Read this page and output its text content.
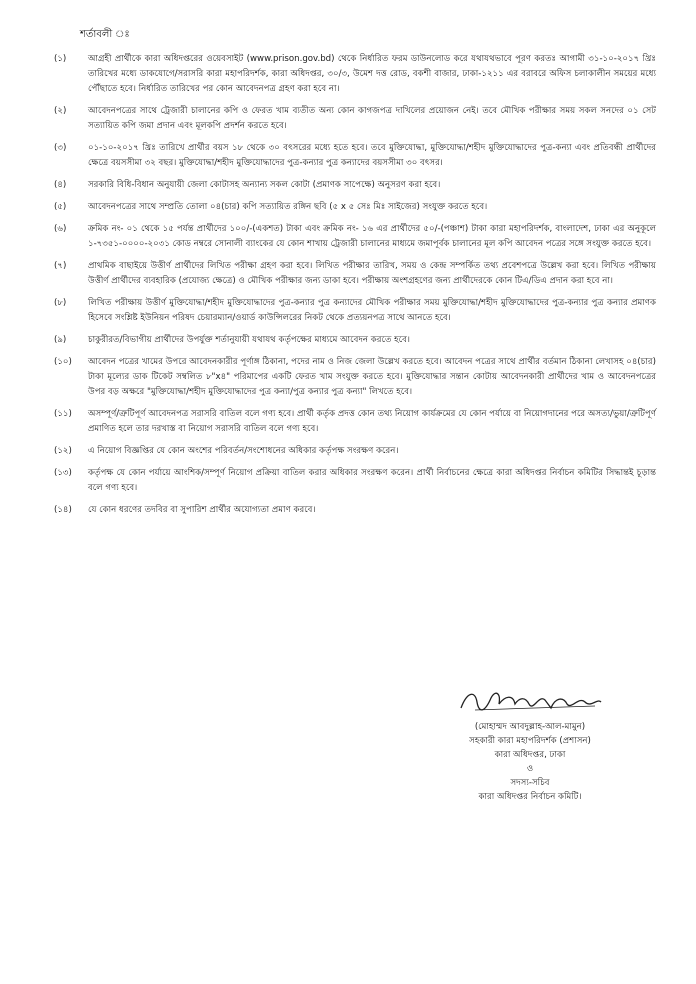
শর্তাবলী ঃ
(১)	আগ্রহী প্রার্থীকে কারা অধিদপ্তরের ওয়েবসাইট (www.prison.gov.bd) থেকে নির্ধারিত ফরম ডাউনলোড করে যথাযথভাবে পূরণ করতঃ আগামী ৩১-১০-২০১৭ খ্রিঃ তারিখের মধ্যে ডাকযোগে/সরাসরি কারা মহাপরিদর্শক, কারা অধিদপ্তর, ৩০/৩, উমেশ দত্ত রোড, বকশী বাজার, ঢাকা-১২১১ এর বরাবরে অফিস চলাকালীন সময়ের মধ্যে পৌঁছাতে হবে। নির্ধারিত তারিখের পর কোন আবেদনপত্র গ্রহণ করা হবে না।
(২)	আবেদনপত্রের সাথে ট্রেজারী চালানের কপি ও ফেরত খাম ব্যতীত অন্য কোন কাগজপত্র দাখিলের প্রয়োজন নেই। তবে মৌখিক পরীক্ষার সময় সকল সনদের ০১ সেট সত্যায়িত কপি জমা প্রদান এবং মূলকপি প্রদর্শন করতে হবে।
(৩)	০১-১০-২০১৭ খ্রিঃ তারিখে প্রার্থীর বয়স ১৮ থেকে ৩০ বৎসরের মধ্যে হতে হবে। তবে মুক্তিযোদ্ধা, মুক্তিযোদ্ধা/শহীদ মুক্তিযোদ্ধাদের পুত্র-কন্যা এবং প্রতিবন্ধী প্রার্থীদের ক্ষেত্রে বয়সসীমা ৩২ বছর। মুক্তিযোদ্ধা/শহীদ মুক্তিযোদ্ধাদের পুত্র-কন্যার পুত্র কন্যাদের বয়সসীমা ৩০ বৎসর।
(৪)	সরকারি বিধি-বিধান অনুযায়ী জেলা কোটাসহ অন্যান্য সকল কোটা (প্রমাণক সাপেক্ষে) অনুসরণ করা হবে।
(৫)	আবেদনপত্রের সাথে সম্প্রতি তোলা ০৪(চার) কপি সত্যায়িত রঙ্গিন ছবি (৫ x ৫ সেঃ মিঃ সাইজের) সংযুক্ত করতে হবে।
(৬)	ক্রমিক নং- ০১ থেকে ১৫ পর্যন্ত প্রার্থীদের ১০০/-(একশত) টাকা এবং ক্রমিক নং- ১৬ এর প্রার্থীদের ৫০/-(পঞ্চাশ) টাকা কারা মহাপরিদর্শক, বাংলাদেশ, ঢাকা এর অনুকূলে ১-৭৩৫১-০০০০-২০৩১ কোড নম্বরে সোনালী ব্যাংকের যে কোন শাখায় ট্রেজারী চালানের মাধ্যমে জমাপূর্বক চালানের মূল কপি আবেদন পত্রের সঙ্গে সংযুক্ত করতে হবে।
(৭)	প্রাথমিক বাছাইয়ে উত্তীর্ণ প্রার্থীদের লিখিত পরীক্ষা গ্রহণ করা হবে। লিখিত পরীক্ষার তারিখ, সময় ও কেন্দ্র সম্পর্কিত তথ্য প্রবেশপত্রে উল্লেখ করা হবে। লিখিত পরীক্ষায় উত্তীর্ণ প্রার্থীদের ব্যবহারিক (প্রযোজ্য ক্ষেত্রে) ও মৌখিক পরীক্ষার জন্য ডাকা হবে। পরীক্ষায় অংশগ্রহণের জন্য প্রার্থীদেরকে কোন টিএ/ডিএ প্রদান করা হবে না।
(৮)	লিখিত পরীক্ষায় উত্তীর্ণ মুক্তিযোদ্ধা/শহীদ মুক্তিযোদ্ধাদের পুত্র-কন্যার পুত্র কন্যাদের মৌখিক পরীক্ষার সময় মুক্তিযোদ্ধা/শহীদ মুক্তিযোদ্ধাদের পুত্র-কন্যার পুত্র কন্যার প্রমাণক হিসেবে সংশ্লিষ্ট ইউনিয়ন পরিষদ চেয়ারম্যান/ওয়ার্ড কাউন্সিলরের নিকট থেকে প্রত্যয়নপত্র সাথে আনতে হবে।
(৯)	চাকুরীরত/বিভাগীয় প্রার্থীদের উপর্যুক্ত শর্তানুযায়ী যথাযথ কর্তৃপক্ষের মাধ্যমে আবেদন করতে হবে।
(১০)	আবেদন পত্রের খামের উপরে আবেদনকারীর পূর্ণাঙ্গ ঠিকানা, পদের নাম ও নিজ জেলা উল্লেখ করতে হবে। আবেদন পত্রের সাথে প্রার্থীর বর্তমান ঠিকানা লেখাসহ ০৪(চার) টাকা মূল্যের ডাক টিকেট সম্বলিত ৮"x৪" পরিমাপের একটি ফেরত খাম সংযুক্ত করতে হবে। মুক্তিযোদ্ধার সন্তান কোটায় আবেদনকারী প্রার্থীদের খাম ও আবেদনপত্রের উপর বড় অক্ষরে "মুক্তিযোদ্ধা/শহীদ মুক্তিযোদ্ধাদের পুত্র কন্যা/পুত্র কন্যার পুত্র কন্যা" লিখতে হবে।
(১১)	অসম্পূর্ণ/ত্রুটিপূর্ণ আবেদনপত্র সরাসরি বাতিল বলে গণ্য হবে। প্রার্থী কর্তৃক প্রদত্ত কোন তথ্য নিয়োগ কার্যক্রমের যে কোন পর্যায়ে বা নিয়োগদানের পরে অসত্য/ভুয়া/ত্রুটিপূর্ণ প্রমাণিত হলে তার দরখাস্ত বা নিয়োগ সরাসরি বাতিল বলে গণ্য হবে।
(১২)	এ নিয়োগ বিজ্ঞপ্তির যে কোন অংশের পরিবর্তন/সংশোধনের অধিকার কর্তৃপক্ষ সংরক্ষণ করেন।
(১৩)	কর্তৃপক্ষ যে কোন পর্যায়ে আংশিক/সম্পূর্ণ নিয়োগ প্রক্রিয়া বাতিল করার অধিকার সংরক্ষণ করেন। প্রার্থী নির্বাচনের ক্ষেত্রে কারা অধিদপ্তর নির্বাচন কমিটির সিদ্ধান্তই চূড়ান্ত বলে গণ্য হবে।
(১৪)	যে কোন ধরণের তদবির বা সুপারিশ প্রার্থীর অযোগ্যতা প্রমাণ করবে।
(মোহাম্মদ আবদুল্লাহ-আল-মামুন)
সহকারী কারা মহাপরিদর্শক (প্রশাসন)
কারা অধিদপ্তর, ঢাকা
ও
সদস্য-সচিব
কারা অধিদপ্তর নির্বাচন কমিটি।
